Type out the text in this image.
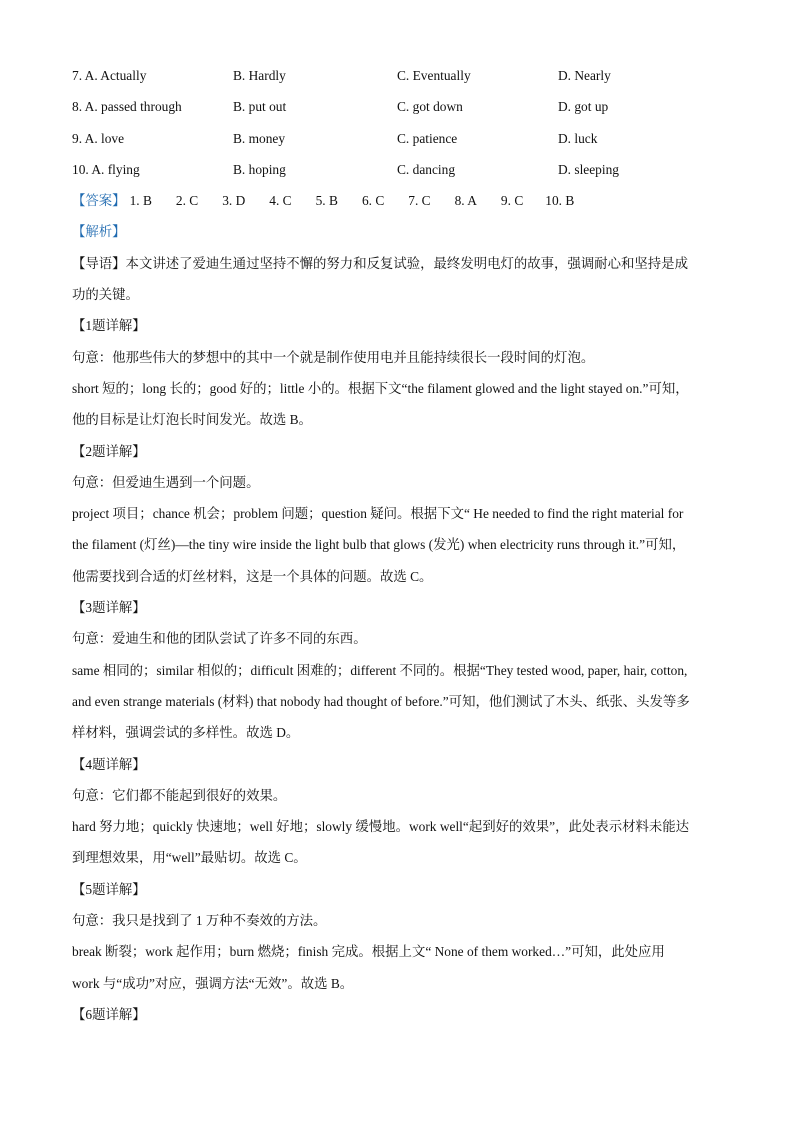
7. A. Actually	B. Hardly	C. Eventually	D. Nearly
8. A. passed through	B. put out	C. got down	D. got up
9. A. love	B. money	C. patience	D. luck
10. A. flying	B. hoping	C. dancing	D. sleeping
【答案】 1. B 2. C 3. D 4. C 5. B 6. C 7. C 8. A 9. C 10. B
【解析】
【导语】本文讲述了爱迪生通过坚持不懈的努力和反复试验，最终发明电灯的故事，强调耐心和坚持是成
功的关键。
【1题详解】
句意：他那些伟大的梦想中的其中一个就是制作使用电并且能持续很长一段时间的灯泡。
short 短的；long 长的；good 好的；little 小的。根据下文“the filament glowed and the light stayed on.”可知，
他的目标是让灯泡长时间发光。故选 B。
【2题详解】
句意：但爱迪生遇到一个问题。
project 项目；chance 机会；problem 问题；question 疑问。根据下文“ He needed to find the right material for
the filament (灯丝)—the tiny wire inside the light bulb that glows (发光) when electricity runs through it.”可知，
他需要找到合适的灯丝材料，这是一个具体的问题。故选 C。
【3题详解】
句意：爱迪生和他的团队尝试了许多不同的东西。
same 相同的；similar 相似的；difficult 困难的；different 不同的。根据“They tested wood, paper, hair, cotton,
and even strange materials (材料) that nobody had thought of before.”可知，他们测试了木头、纸张、头发等多
样材料，强调尝试的多样性。故选 D。
【4题详解】
句意：它们都不能起到很好的效果。
hard 努力地；quickly 快速地；well 好地；slowly 缓慢地。work well“起到好的效果”，此处表示材料未能达
到理想效果，用“well”最贴切。故选 C。
【5题详解】
句意：我只是找到了 1 万种不奏效的方法。
break 断裂；work 起作用；burn 燃烧；finish 完成。根据上文“ None of them worked…”可知，此处应用
work 与“成功”对应，强调方法“无效”。故选 B。
【6题详解】
